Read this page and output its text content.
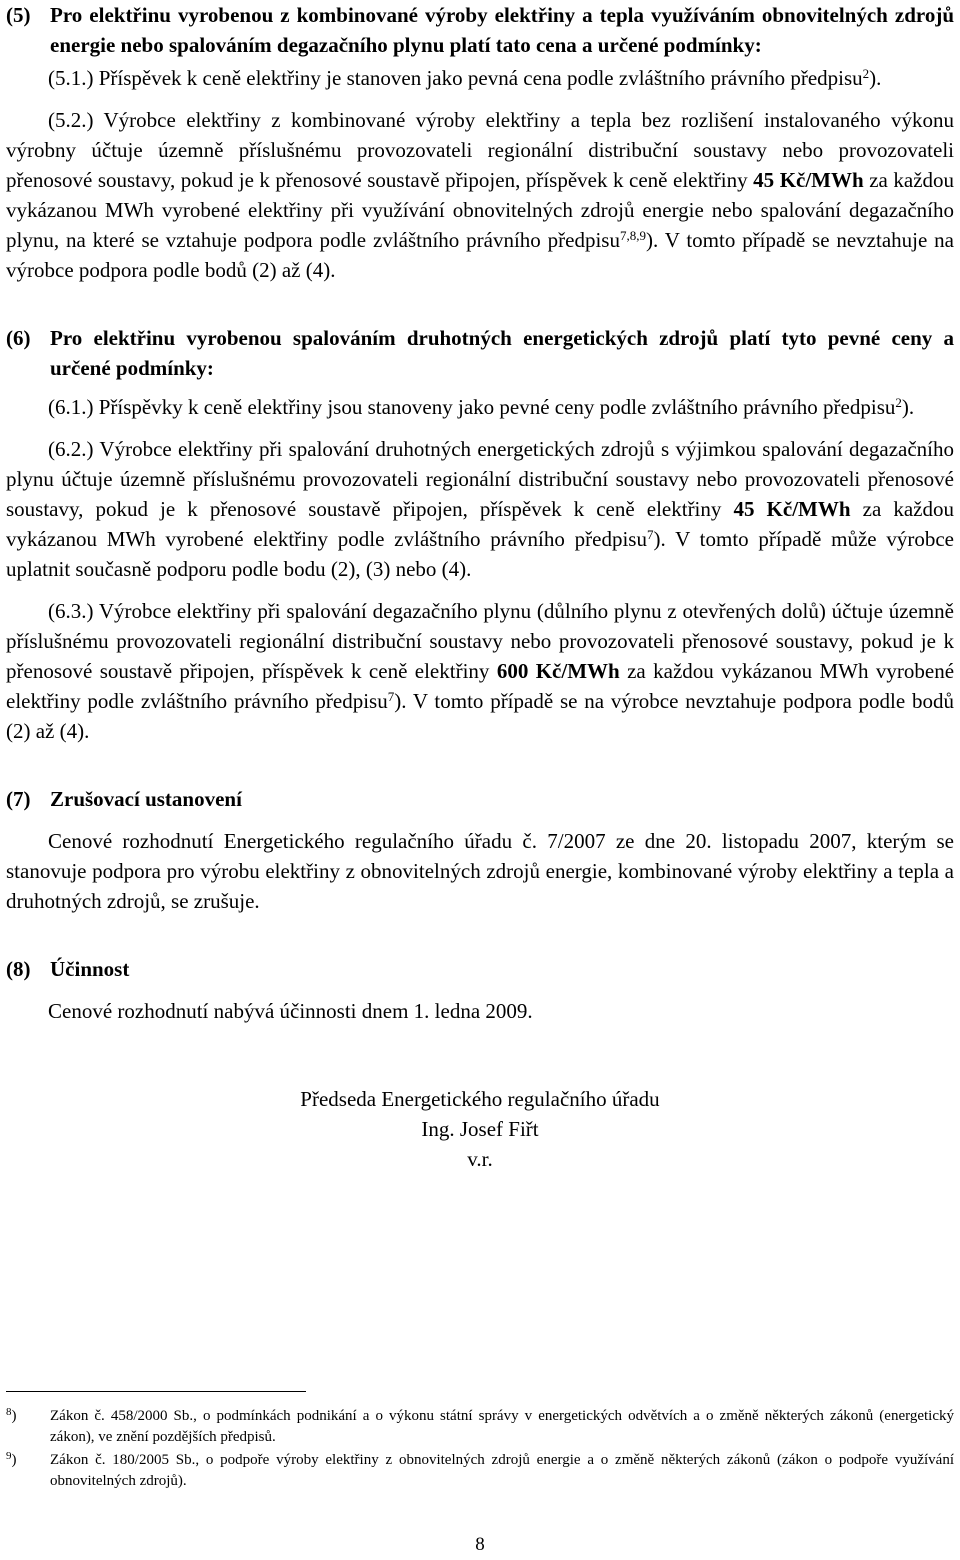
(5) Pro elektřinu vyrobenou z kombinované výroby elektřiny a tepla využíváním obnovitelných zdrojů energie nebo spalováním degazačního plynu platí tato cena a určené podmínky:

(5.1.) Příspěvek k ceně elektřiny je stanoven jako pevná cena podle zvláštního právního předpisu$^2$).

(5.2.) Výrobce elektřiny z kombinované výroby elektřiny a tepla bez rozlišení instalovaného výkonu výrobny účtuje územně příslušnému provozovateli regionální distribuční soustavy nebo provozovateli přenosové soustavy, pokud je k přenosové soustavě připojen, příspěvek k ceně elektřiny 45 Kč/MWh za každou vykázanou MWh vyrobené elektřiny při využívání obnovitelných zdrojů energie nebo spalování degazačního plynu, na které se vztahuje podpora podle zvláštního právního předpisu$^{7,8,9}$). V tomto případě se nevztahuje na výrobce podpora podle bodů (2) až (4).

(6) Pro elektřinu vyrobenou spalováním druhotných energetických zdrojů platí tyto pevné ceny a určené podmínky:

(6.1.) Příspěvky k ceně elektřiny jsou stanoveny jako pevné ceny podle zvláštního právního předpisu$^2$).

(6.2.) Výrobce elektřiny při spalování druhotných energetických zdrojů s výjimkou spalování degazačního plynu účtuje územně příslušnému provozovateli regionální distribuční soustavy nebo provozovateli přenosové soustavy, pokud je k přenosové soustavě připojen, příspěvek k ceně elektřiny 45 Kč/MWh za každou vykázanou MWh vyrobené elektřiny podle zvláštního právního předpisu$^7$). V tomto případě může výrobce uplatnit současně podporu podle bodu (2), (3) nebo (4).

(6.3.) Výrobce elektřiny při spalování degazačního plynu (důlního plynu z otevřených dolů) účtuje územně příslušnému provozovateli regionální distribuční soustavy nebo provozovateli přenosové soustavy, pokud je k přenosové soustavě připojen, příspěvek k ceně elektřiny 600 Kč/MWh za každou vykázanou MWh vyrobené elektřiny podle zvláštního právního předpisu$^7$). V tomto případě se na výrobce nevztahuje podpora podle bodů (2) až (4).

(7) Zrušovací ustanovení

Cenové rozhodnutí Energetického regulačního úřadu č. 7/2007 ze dne 20. listopadu 2007, kterým se stanovuje podpora pro výrobu elektřiny z obnovitelných zdrojů energie, kombinované výroby elektřiny a tepla a druhotných zdrojů, se zrušuje.

(8) Účinnost

Cenové rozhodnutí nabývá účinnosti dnem 1. ledna 2009.

Předseda Energetického regulačního úřadu

Ing. Josef Fiřt

v.r.

$^8$)	Zákon č. 458/2000 Sb., o podmínkách podnikání a o výkonu státní správy v energetických odvětvích a o změně některých zákonů (energetický zákon), ve znění pozdějších předpisů.
$^9$)	Zákon č. 180/2005 Sb., o podpoře výroby elektřiny z obnovitelných zdrojů energie a o změně některých zákonů (zákon o podpoře využívání obnovitelných zdrojů).
8
